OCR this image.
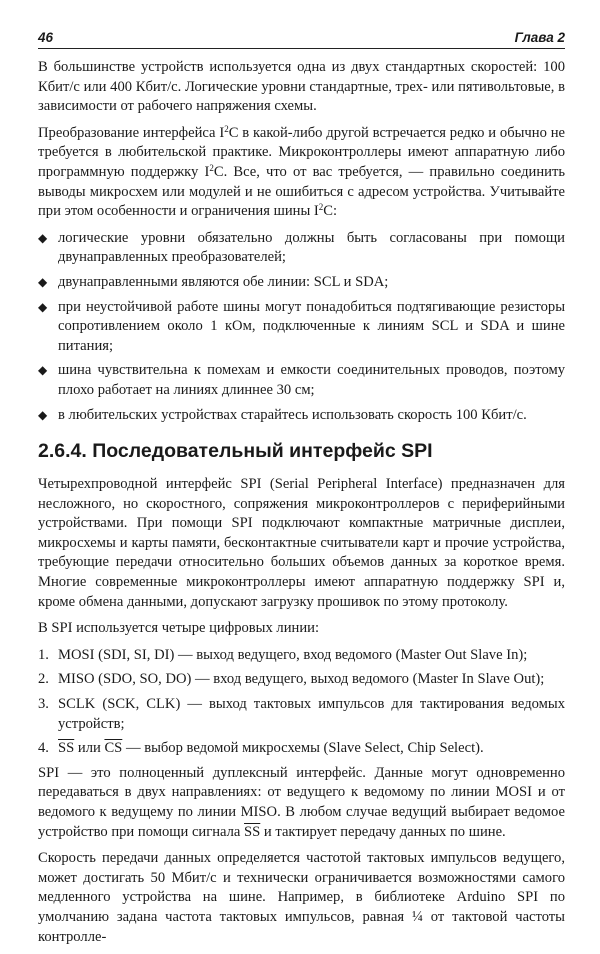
46	Глава 2

В большинстве устройств используется одна из двух стандартных скоростей: 100 Кбит/с или 400 Кбит/с. Логические уровни стандартные, трех- или пятивольтовые, в зависимости от рабочего напряжения схемы.

Преобразование интерфейса $I^2C$ в какой-либо другой встречается редко и обычно не требуется в любительской практике. Микроконтроллеры имеют аппаратную либо программную поддержку $I^2C$. Все, что от вас требуется, — правильно соединить выводы микросхем или модулей и не ошибиться с адресом устройства. Учитывайте при этом особенности и ограничения шины $I^2C$:

◆ логические уровни обязательно должны быть согласованы при помощи двунаправленных преобразователей;
◆ двунаправленными являются обе линии: SCL и SDA;
◆ при неустойчивой работе шины могут понадобиться подтягивающие резисторы сопротивлением около 1 кОм, подключенные к линиям SCL и SDA и шине питания;
◆ шина чувствительна к помехам и емкости соединительных проводов, поэтому плохо работает на линиях длиннее 30 см;
◆ в любительских устройствах старайтесь использовать скорость 100 Кбит/с.
2.6.4. Последовательный интерфейс SPI

Четырехпроводной интерфейс SPI (Serial Peripheral Interface) предназначен для несложного, но скоростного, сопряжения микроконтроллеров с периферийными устройствами. При помощи SPI подключают компактные матричные дисплеи, микросхемы и карты памяти, бесконтактные считыватели карт и прочие устройства, требующие передачи относительно больших объемов данных за короткое время. Многие современные микроконтроллеры имеют аппаратную поддержку SPI и, кроме обмена данными, допускают загрузку прошивок по этому протоколу.

В SPI используется четыре цифровых линии:

1. MOSI (SDI, SI, DI) — выход ведущего, вход ведомого (Master Out Slave In);
2. MISO (SDO, SO, DO) — вход ведущего, выход ведомого (Master In Slave Out);
3. SCLK (SCK, CLK) — выход тактовых импульсов для тактирования ведомых устройств;
4. $\overline{SS}$ или $\overline{CS}$ — выбор ведомой микросхемы (Slave Select, Chip Select).

SPI — это полноценный дуплексный интерфейс. Данные могут одновременно передаваться в двух направлениях: от ведущего к ведомому по линии MOSI и от ведомого к ведущему по линии MISO. В любом случае ведущий выбирает ведомое устройство при помощи сигнала $\overline{SS}$ и тактирует передачу данных по шине.

Скорость передачи данных определяется частотой тактовых импульсов ведущего, может достигать 50 Мбит/с и технически ограничивается возможностями самого медленного устройства на шине. Например, в библиотеке Arduino SPI по умолчанию задана частота тактовых импульсов, равная ¼ от тактовой частоты контролле-
